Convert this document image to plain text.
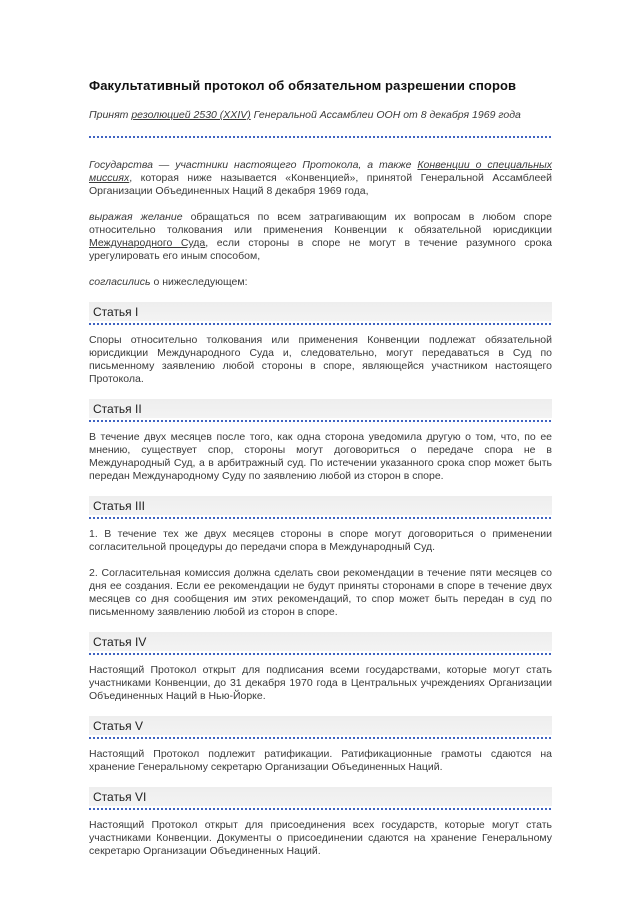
Факультативный протокол об обязательном разрешении споров

Принят резолюцией 2530 (XXIV) Генеральной Ассамблеи ООН от 8 декабря 1969 года

Государства — участники настоящего Протокола, а также Конвенции о специальных миссиях, которая ниже называется «Конвенцией», принятой Генеральной Ассамблеей Организации Объединенных Наций 8 декабря 1969 года,

выражая желание обращаться по всем затрагивающим их вопросам в любом споре относительно толкования или применения Конвенции к обязательной юрисдикции Международного Суда, если стороны в споре не могут в течение разумного срока урегулировать его иным способом,

согласились о нижеследующем:

Статья I

Споры относительно толкования или применения Конвенции подлежат обязательной юрисдикции Международного Суда и, следовательно, могут передаваться в Суд по письменному заявлению любой стороны в споре, являющейся участником настоящего Протокола.

Статья II

В течение двух месяцев после того, как одна сторона уведомила другую о том, что, по ее мнению, существует спор, стороны могут договориться о передаче спора не в Международный Суд, а в арбитражный суд. По истечении указанного срока спор может быть передан Международному Суду по заявлению любой из сторон в споре.

Статья III

1. В течение тех же двух месяцев стороны в споре могут договориться о применении согласительной процедуры до передачи спора в Международный Суд.

2. Согласительная комиссия должна сделать свои рекомендации в течение пяти месяцев со дня ее создания. Если ее рекомендации не будут приняты сторонами в споре в течение двух месяцев со дня сообщения им этих рекомендаций, то спор может быть передан в суд по письменному заявлению любой из сторон в споре.

Статья IV

Настоящий Протокол открыт для подписания всеми государствами, которые могут стать участниками Конвенции, до 31 декабря 1970 года в Центральных учреждениях Организации Объединенных Наций в Нью-Йорке.

Статья V

Настоящий Протокол подлежит ратификации. Ратификационные грамоты сдаются на хранение Генеральному секретарю Организации Объединенных Наций.

Статья VI

Настоящий Протокол открыт для присоединения всех государств, которые могут стать участниками Конвенции. Документы о присоединении сдаются на хранение Генеральному секретарю Организации Объединенных Наций.
